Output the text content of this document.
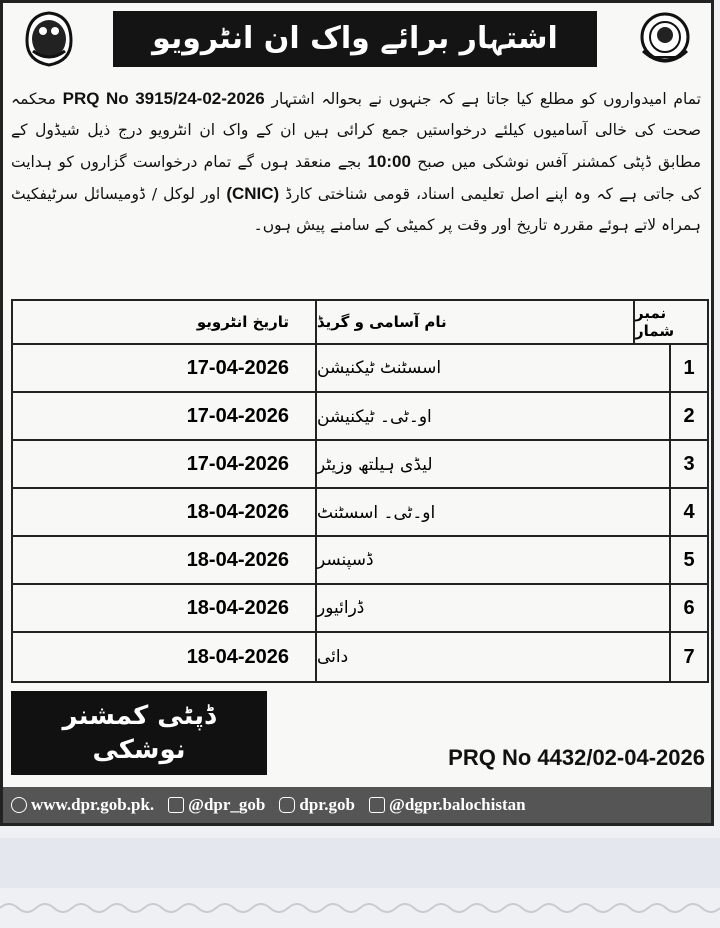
اشتہار برائے واک ان انٹرویو
تمام امیدواروں کو مطلع کیا جاتا ہے کہ جنہوں نے بحوالہ اشتہار PRQ No 3915/24-02-2026 محکمہ صحت کی خالی آسامیوں کیلئے درخواستیں جمع کرائی ہیں ان کے واک ان انٹرویو درج ذیل شیڈول کے مطابق ڈپٹی کمشنر آفس نوشکی میں صبح 10:00 بجے منعقد ہوں گے تمام درخواست گزاروں کو ہدایت کی جاتی ہے کہ وہ اپنے اصل تعلیمی اسناد، قومی شناختی کارڈ (CNIC) اور لوکل / ڈومیسائل سرٹیفکیٹ ہمراہ لاتے ہوئے مقررہ تاریخ اور وقت پر کمیٹی کے سامنے پیش ہوں۔
نمبر شمار
نام آسامی و گریڈ
تاریخ انٹرویو
1
اسسٹنٹ ٹیکنیشن
17-04-2026
2
او۔ٹی۔ ٹیکنیشن
17-04-2026
3
لیڈی ہیلتھ وزیٹر
17-04-2026
4
او۔ٹی۔ اسسٹنٹ
18-04-2026
5
ڈسپنسر
18-04-2026
6
ڈرائیور
18-04-2026
7
دائی
18-04-2026
ڈپٹی کمشنر
نوشکی	PRQ No 4432/02-04-2026
www.dpr.gob.pk. @dpr_gob dpr.gob @dgpr.balochistan
